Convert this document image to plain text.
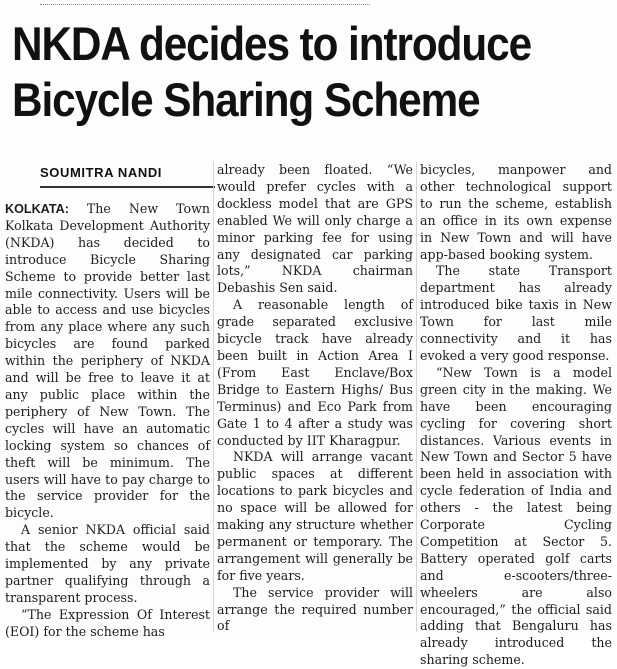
NKDA decides to introduce
Bicycle Sharing Scheme
SOUMITRA NANDI

KOLKATA: The New Town Kolkata Development Authority (NKDA) has decided to introduce Bicycle Sharing Scheme to provide better last mile connectivity. Users will be able to access and use bicycles from any place where any such bicycles are found parked within the periphery of NKDA and will be free to leave it at any public place within the periphery of New Town. The cycles will have an automatic locking system so chances of theft will be minimum. The users will have to pay charge to the service provider for the bicycle.

A senior NKDA official said that the scheme would be implemented by any private partner qualifying through a transparent process.

“The Expression Of Interest (EOI) for the scheme has

already been floated. “We would prefer cycles with a dockless model that are GPS enabled We will only charge a minor parking fee for using any designated car parking lots,” NKDA chairman Debashis Sen said.

A reasonable length of grade separated exclusive bicycle track have already been built in Action Area I (From East Enclave/Box Bridge to Eastern Highs/ Bus Terminus) and Eco Park from Gate 1 to 4 after a study was conducted by IIT Kharagpur.

NKDA will arrange vacant public spaces at different locations to park bicycles and no space will be allowed for making any structure whether permanent or temporary. The arrangement will generally be for five years.

The service provider will arrange the required number of

bicycles, manpower and other technological support to run the scheme, establish an office in its own expense in New Town and will have app-based booking system.

The state Transport department has already introduced bike taxis in New Town for last mile connectivity and it has evoked a very good response.

“New Town is a model green city in the making. We have been encouraging cycling for covering short distances. Various events in New Town and Sector 5 have been held in association with cycle federation of India and others - the latest being Corporate Cycling Competition at Sector 5. Battery operated golf carts and e-scooters/three-wheelers are also encouraged,” the official said adding that Bengaluru has already introduced the sharing scheme.
